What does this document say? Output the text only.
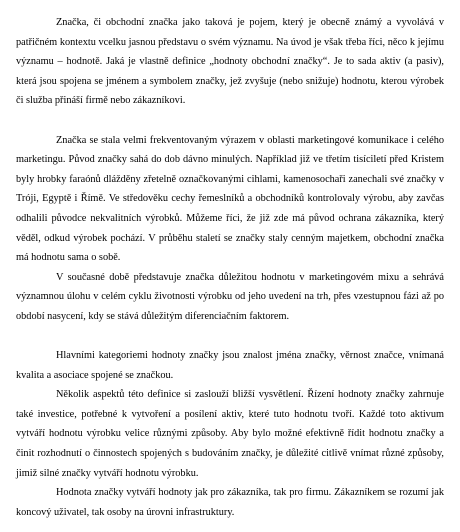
Značka, či obchodní značka jako taková je pojem, který je obecně známý a vyvolává v patřičném kontextu vcelku jasnou představu o svém významu. Na úvod je však třeba říci, něco k jejímu významu – hodnotě. Jaká je vlastně definice „hodnoty obchodní značky“. Je to sada aktiv (a pasiv), která jsou spojena se jménem a symbolem značky, jež zvyšuje (nebo snižuje) hodnotu, kterou výrobek či služba přináší firmě nebo zákazníkovi.

Značka se stala velmi frekventovaným výrazem v oblasti marketingové komunikace i celého marketingu. Původ značky sahá do dob dávno minulých. Například již ve třetím tisíciletí před Kristem byly hrobky faraónů dlážděny zřetelně označkovanými cihlami, kamenosochaři zanechali své značky v Tróji, Egyptě i Římě. Ve středověku cechy řemeslníků a obchodníků kontrolovaly výrobu, aby zavčas odhalili původce nekvalitních výrobků. Můžeme říci, že již zde má původ ochrana zákazníka, který věděl, odkud výrobek pochází. V průběhu staletí se značky staly cenným majetkem, obchodní značka má hodnotu sama o sobě.

V současné době představuje značka důležitou hodnotu v marketingovém mixu a sehrává významnou úlohu v celém cyklu životnosti výrobku od jeho uvedení na trh, přes vzestupnou fázi až po období nasycení, kdy se stává důležitým diferenciačním faktorem.

Hlavními kategoriemi hodnoty značky jsou znalost jména značky, věrnost značce, vnímaná kvalita a asociace spojené se značkou.

Několik aspektů této definice si zaslouží bližší vysvětlení. Řízení hodnoty značky zahrnuje také investice, potřebné k vytvoření a posílení aktiv, které tuto hodnotu tvoří. Každé toto aktivum vytváří hodnotu výrobku velice různými způsoby. Aby bylo možné efektivně řídit hodnotu značky a činit rozhodnutí o činnostech spojených s budováním značky, je důležité citlivě vnímat různé způsoby, jimiž silné značky vytváří hodnotu výrobku.

Hodnota značky vytváří hodnoty jak pro zákazníka, tak pro firmu. Zákazníkem se rozumí jak koncový uživatel, tak osoby na úrovni infrastruktury.
